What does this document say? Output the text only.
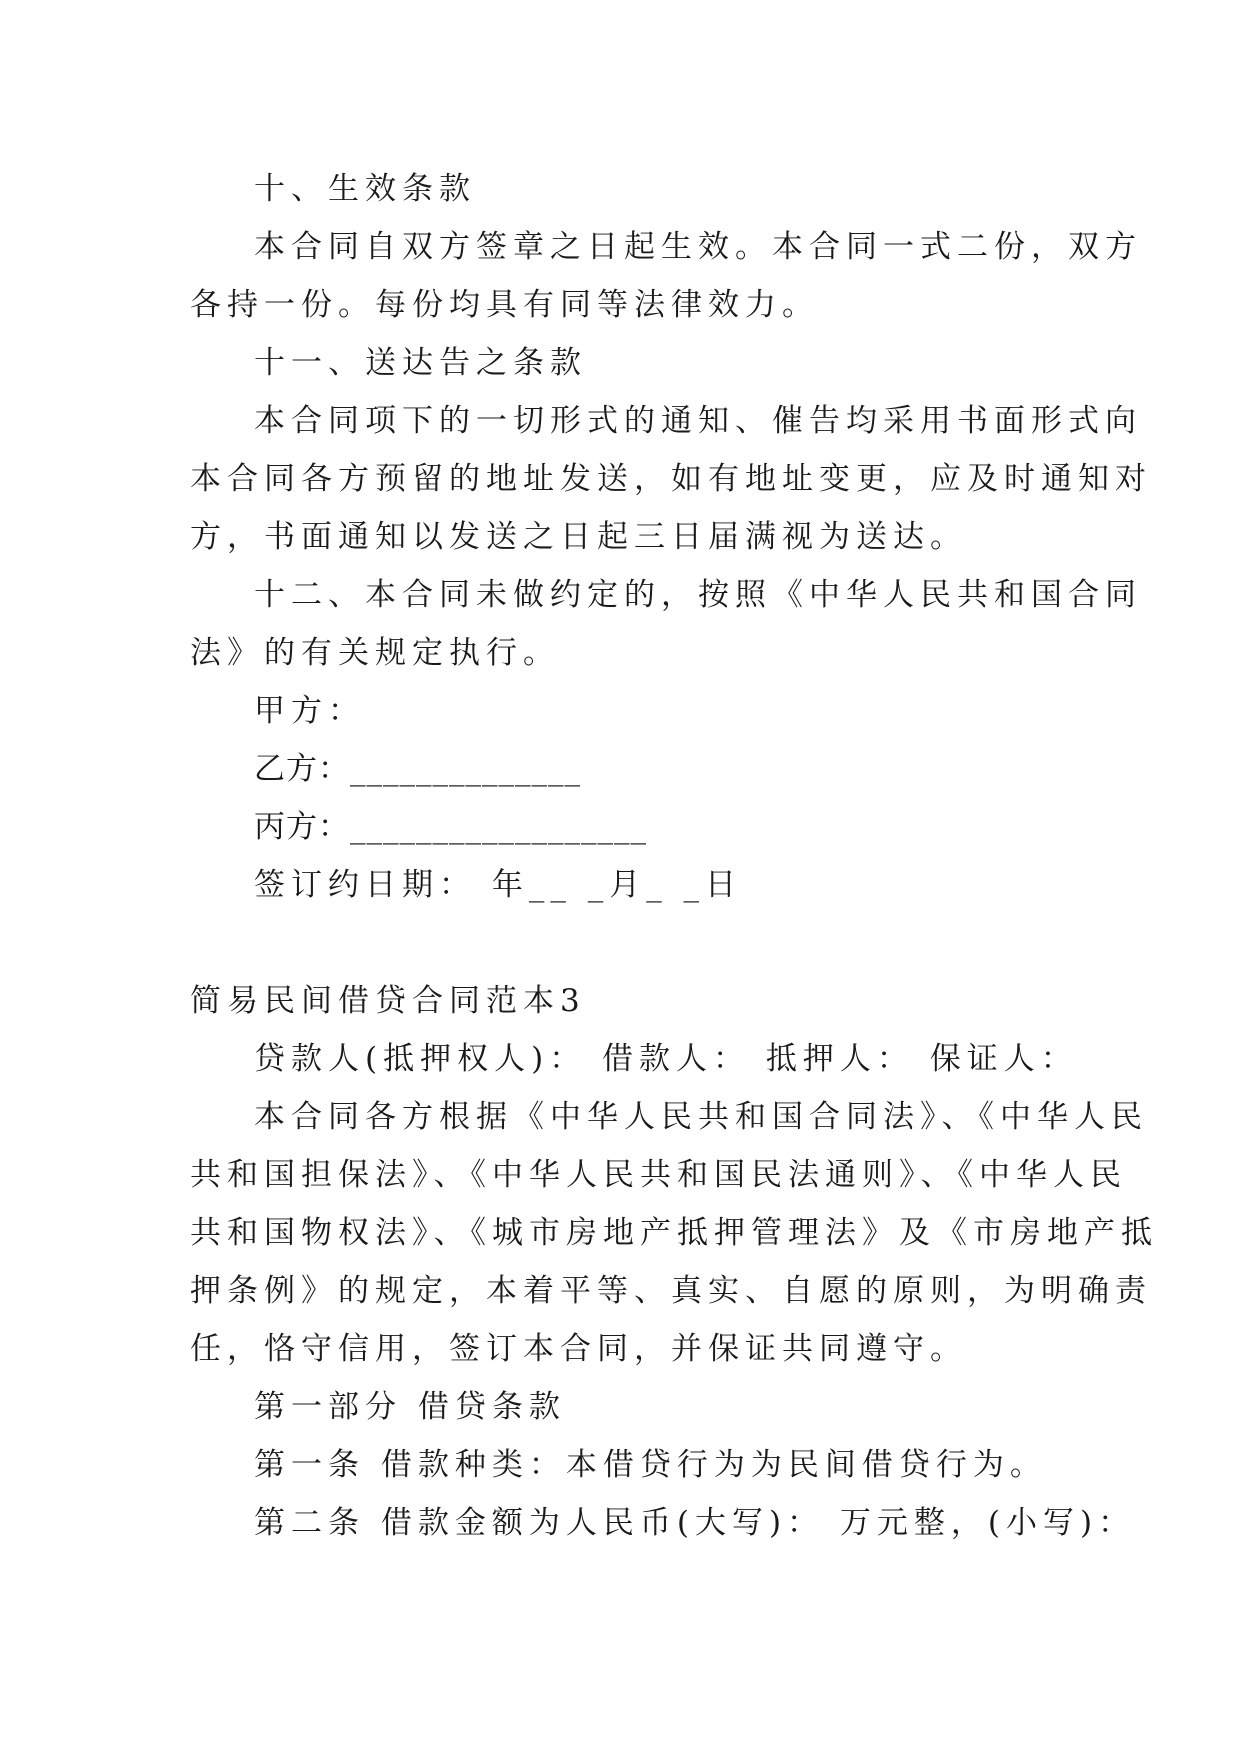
十、生效条款
本合同自双方签章之日起生效。本合同一式二份，双方
各持一份。每份均具有同等法律效力。
十一、送达告之条款
本合同项下的一切形式的通知、催告均采用书面形式向
本合同各方预留的地址发送，如有地址变更，应及时通知对
方，书面通知以发送之日起三日届满视为送达。
十二、本合同未做约定的，按照《中华人民共和国合同
法》的有关规定执行。
甲方：
乙方：______________
丙方：__________________
签订约日期： 年__ _月_ _日
简易民间借贷合同范本3
贷款人(抵押权人)： 借款人： 抵押人： 保证人：
本合同各方根据《中华人民共和国合同法》、《中华人民
共和国担保法》、《中华人民共和国民法通则》、《中华人民
共和国物权法》、《城市房地产抵押管理法》及《市房地产抵
押条例》的规定，本着平等、真实、自愿的原则，为明确责
任，恪守信用，签订本合同，并保证共同遵守。
第一部分 借贷条款
第一条 借款种类：本借贷行为为民间借贷行为。
第二条 借款金额为人民币(大写)： 万元整，(小写)：
